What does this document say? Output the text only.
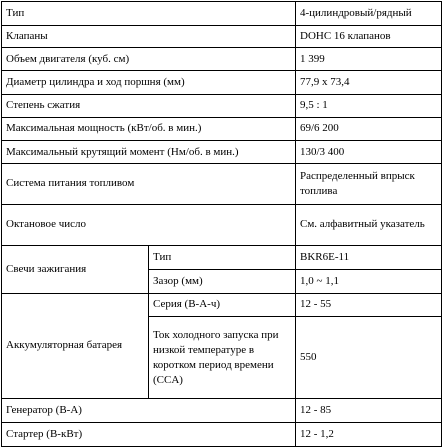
Тип		4-цилиндровый/рядный
Клапаны		DOHC 16 клапанов
Объем двигателя (куб. см)		1 399
Диаметр цилиндра и ход поршня (мм)		77,9 x 73,4
Степень сжатия		9,5 : 1
Максимальная мощность (кВт/об. в мин.)		69/6 200
Максимальный крутящий момент (Нм/об. в мин.)		130/3 400
Система питания топливом		Распределенный впрыск топлива
Октановое число		См. алфавитный указатель
Свечи зажигания	Тип	BKR6E-11
	Зазор (мм)	1,0 ~ 1,1
Аккумуляторная батарея	Серия (В-А-ч)	12 - 55
	Ток холодного запуска при низкой температуре в коротком период времени (CCA)	550
Генератор (В-А)		12 - 85
Стартер (В-кВт)		12 - 1,2
